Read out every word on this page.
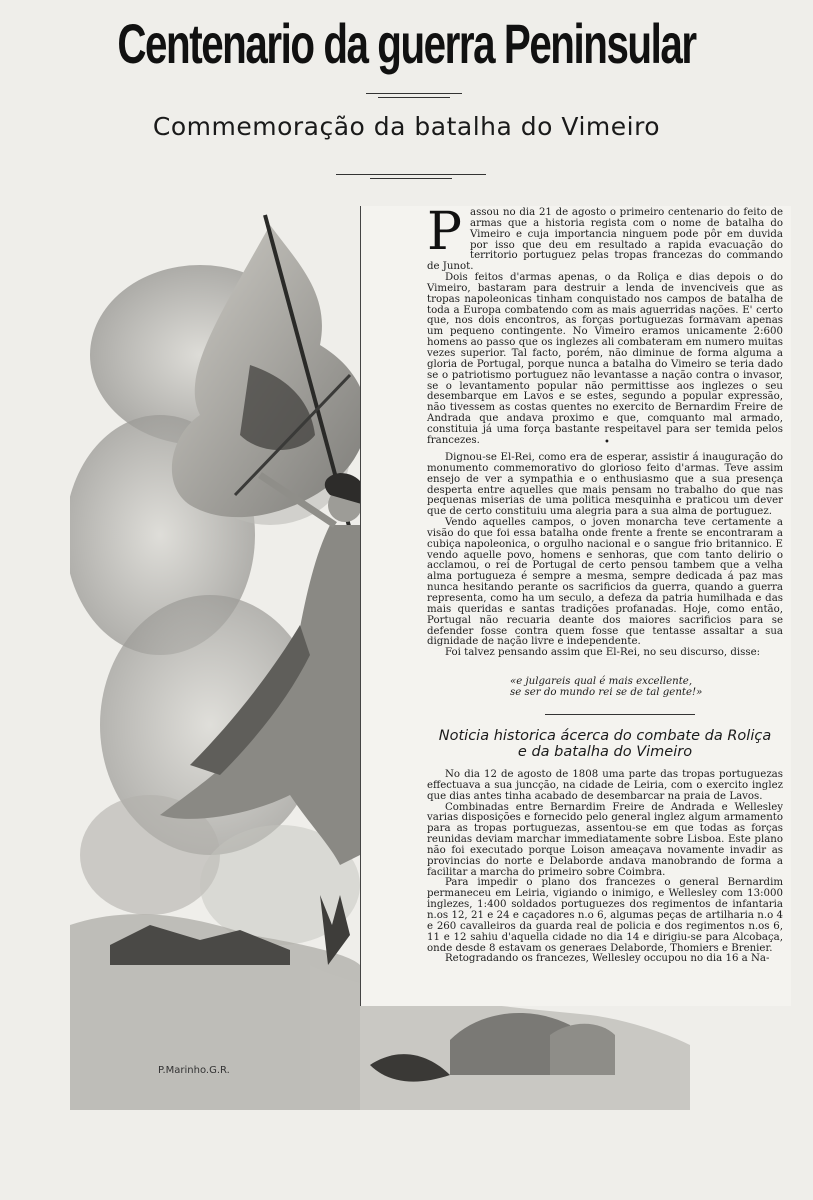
Centenario da guerra Peninsular
Commemoração da batalha do Vimeiro

Passou no dia 21 de agosto o primeiro centenario do feito de armas que a historia regista com o nome de batalha do Vimeiro e cuja importancia ninguem pode pôr em duvida por isso que deu em resultado a rapida evacuação do territorio portuguez pelas tropas francezas do commando de Junot.

Dois feitos d'armas apenas, o da Roliça e dias depois o do Vimeiro, bastaram para destruir a lenda de invenciveis que as tropas napoleonicas tinham conquistado nos campos de batalha de toda a Europa combatendo com as mais aguerridas nações. E' certo que, nos dois encontros, as forças portuguezas formavam apenas um pequeno contingente. No Vimeiro eramos unicamente 2:600 homens ao passo que os inglezes ali combateram em numero muitas vezes superior. Tal facto, porém, não diminue de forma alguma a gloria de Portugal, porque nunca a batalha do Vimeiro se teria dado se o patriotismo portuguez não levantasse a nação contra o invasor, se o levantamento popular não permittisse aos inglezes o seu desembarque em Lavos e se estes, segundo a popular expressão, não tivessem as costas quentes no exercito de Bernardim Freire de Andrada que andava proximo e que, comquanto mal armado, constituia já uma força bastante respeitavel para ser temida pelos francezes.	•

Dignou-se El-Rei, como era de esperar, assistir á inauguração do monumento commemorativo do glorioso feito d'armas. Teve assim ensejo de ver a sympathia e o enthusiasmo que a sua presença desperta entre aquelles que mais pensam no trabalho do que nas pequenas miserias de uma politica mesquinha e praticou um dever que de certo constituiu uma alegria para a sua alma de portuguez.

Vendo aquelles campos, o joven monarcha teve certamente a visão do que foi essa batalha onde frente a frente se encontraram a cubiça napoleonica, o orgulho nacional e o sangue frio britannico. E vendo aquelle povo, homens e senhoras, que com tanto delirio o acclamou, o rei de Portugal de certo pensou tambem que a velha alma portugueza é sempre a mesma, sempre dedicada á paz mas nunca hesitando perante os sacrificios da guerra, quando a guerra representa, como ha um seculo, a defeza da patria humilhada e das mais queridas e santas tradições profanadas. Hoje, como então, Portugal não recuaria deante dos maiores sacrificios para se defender fosse contra quem fosse que tentasse assaltar a sua dignidade de nação livre e independente.

Foi talvez pensando assim que El-Rei, no seu discurso, disse:

«e julgareis qual é mais excellente,
se ser do mundo rei se de tal gente!»
Noticia historica ácerca do combate da Roliça
e da batalha do Vimeiro

No dia 12 de agosto de 1808 uma parte das tropas portuguezas effectuava a sua juncção, na cidade de Leiria, com o exercito inglez que dias antes tinha acabado de desembarcar na praia de Lavos.

Combinadas entre Bernardim Freire de Andrada e Wellesley varias disposições e fornecido pelo general inglez algum armamento para as tropas portuguezas, assentou-se em que todas as forças reunidas deviam marchar immediatamente sobre Lisboa. Este plano não foi executado porque Loison ameaçava novamente invadir as provincias do norte e Delaborde andava manobrando de forma a facilitar a marcha do primeiro sobre Coimbra.

Para impedir o plano dos francezes o general Bernardim permaneceu em Leiria, vigiando o inimigo, e Wellesley com 13:000 inglezes, 1:400 soldados portuguezes dos regimentos de infantaria n.os 12, 21 e 24 e caçadores n.o 6, algumas peças de artilharia n.o 4 e 260 cavalleiros da guarda real de policia e dos regimentos n.os 6, 11 e 12 sahiu d'aquella cidade no dia 14 e dirigiu-se para Alcobaça, onde desde 8 estavam os generaes Delaborde, Thomiers e Brenier.

Retogradando os francezes, Wellesley occupou no dia 16 a Na-

P.Marinho.G.R.
